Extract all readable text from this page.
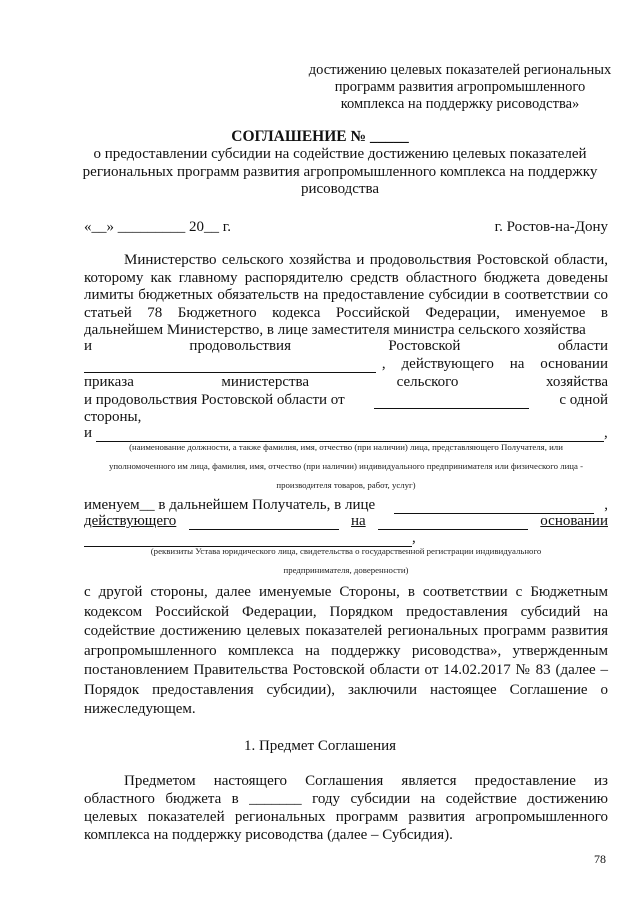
достижению целевых показателей региональных
программ развития агропромышленного
комплекса на поддержку рисоводства»
СОГЛАШЕНИЕ № _____
о предоставлении субсидии на содействие достижению целевых показателей
региональных программ развития агропромышленного комплекса на поддержку
рисоводства
«__» _________ 20__ г.	г. Ростов-на-Дону
Министерство сельского хозяйства и продовольствия Ростовской области, которому как главному распорядителю средств областного бюджета доведены лимиты бюджетных обязательств на предоставление субсидии в соответствии со статьей 78 Бюджетного кодекса Российской Федерации, именуемое в дальнейшем Министерство, в лице заместителя министра сельского хозяйства
и	продовольствия	Ростовской	области
, действующего на основании
приказа	министерства	сельского	хозяйства
и продовольствия Ростовской области от	с одной
стороны,
и	,
(наименование должности, а также фамилия, имя, отчество (при наличии) лица, представляющего Получателя, или
уполномоченного им лица, фамилия, имя, отчество (при наличии) индивидуального предпринимателя или физического лица -
производителя товаров, работ, услуг)
именуем__ в дальнейшем Получатель, в лице	,
действующего	на	основании
,
(реквизиты Устава юридического лица, свидетельства о государственной регистрации индивидуального
предпринимателя, доверенности)
с другой стороны, далее именуемые Стороны, в соответствии с Бюджетным кодексом Российской Федерации, Порядком предоставления субсидий на содействие достижению целевых показателей региональных программ развития агропромышленного комплекса на поддержку рисоводства», утвержденным постановлением Правительства Ростовской области от 14.02.2017 № 83 (далее – Порядок предоставления субсидии), заключили настоящее Соглашение о нижеследующем.
1. Предмет Соглашения
Предметом настоящего Соглашения является предоставление из областного бюджета в _______ году субсидии на содействие достижению целевых показателей региональных программ развития агропромышленного комплекса на поддержку рисоводства (далее – Субсидия).
78
